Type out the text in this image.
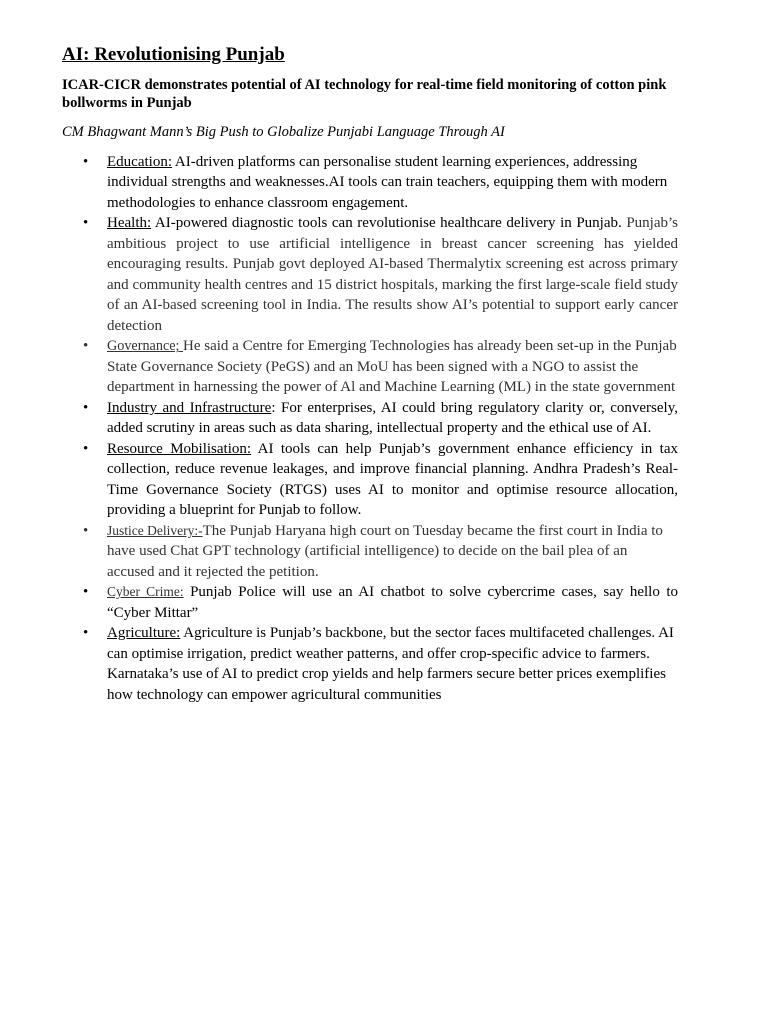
AI: Revolutionising Punjab

ICAR-CICR demonstrates potential of AI technology for real-time field monitoring of cotton pink bollworms in Punjab

CM Bhagwant Mann’s Big Push to Globalize Punjabi Language Through AI

• Education: AI-driven platforms can personalise student learning experiences, addressing individual strengths and weaknesses.AI tools can train teachers, equipping them with modern methodologies to enhance classroom engagement.
• Health: AI-powered diagnostic tools can revolutionise healthcare delivery in Punjab. Punjab’s ambitious project to use artificial intelligence in breast cancer screening has yielded encouraging results. Punjab govt deployed AI-based Thermalytix screening est across primary and community health centres and 15 district hospitals, marking the first large-scale field study of an AI-based screening tool in India. The results show AI’s potential to support early cancer detection
• Governance; He said a Centre for Emerging Technologies has already been set-up in the Punjab State Governance Society (PeGS) and an MoU has been signed with a NGO to assist the department in harnessing the power of Al and Machine Learning (ML) in the state government
• Industry and Infrastructure: For enterprises, AI could bring regulatory clarity or, conversely, added scrutiny in areas such as data sharing, intellectual property and the ethical use of AI.
• Resource Mobilisation: AI tools can help Punjab’s government enhance efficiency in tax collection, reduce revenue leakages, and improve financial planning. Andhra Pradesh’s Real-Time Governance Society (RTGS) uses AI to monitor and optimise resource allocation, providing a blueprint for Punjab to follow.
• Justice Delivery:-The Punjab Haryana high court on Tuesday became the first court in India to have used Chat GPT technology (artificial intelligence) to decide on the bail plea of an accused and it rejected the petition.
• Cyber Crime: Punjab Police will use an AI chatbot to solve cybercrime cases, say hello to “Cyber Mittar”
• Agriculture: Agriculture is Punjab’s backbone, but the sector faces multifaceted challenges. AI can optimise irrigation, predict weather patterns, and offer crop-specific advice to farmers. Karnataka’s use of AI to predict crop yields and help farmers secure better prices exemplifies how technology can empower agricultural communities
